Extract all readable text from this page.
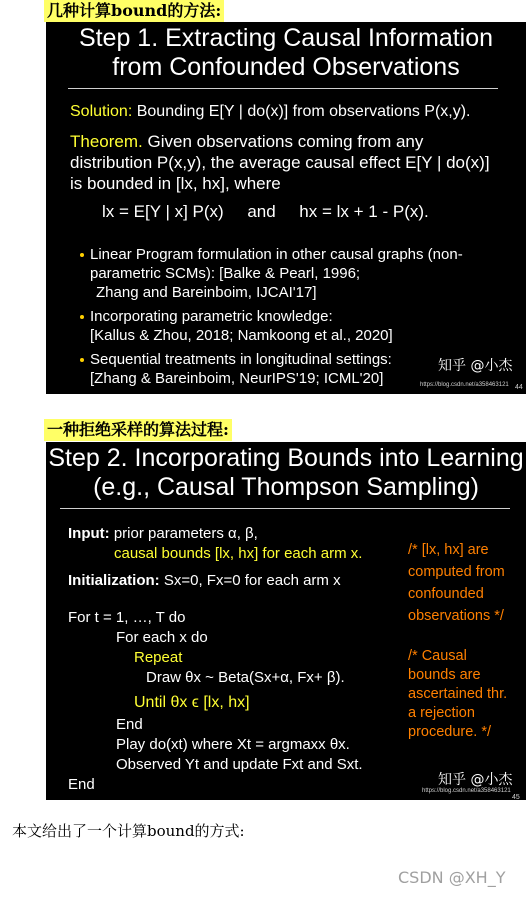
几种计算bound的方法:
Step 1. Extracting Causal Information
from Confounded Observations
Solution: Bounding E[Y | do(x)] from observations P(x,y).
Theorem. Given observations coming from any
distribution P(x,y), the average causal effect E[Y | do(x)]
is bounded in [lx, hx], where
lx = E[Y | x] P(x)     and     hx = lx + 1 - P(x).
Linear Program formulation in other causal graphs (non-
parametric SCMs): [Balke & Pearl, 1996;
Zhang and Bareinboim, IJCAI'17]
Incorporating parametric knowledge:
[Kallus & Zhou, 2018; Namkoong et al., 2020]
Sequential treatments in longitudinal settings:
[Zhang & Bareinboim, NeurIPS'19; ICML'20]
知乎 @小杰
https://blog.csdn.net/a358463121 44
一种拒绝采样的算法过程:
Step 2. Incorporating Bounds into Learning
(e.g., Causal Thompson Sampling)
Input: prior parameters α, β,
causal bounds [lx, hx] for each arm x.
Initialization: Sx=0, Fx=0 for each arm x
For t = 1, …, T do
For each x do
Repeat
Draw θx ~ Beta(Sx+α, Fx+ β).
Until θx ϵ [lx, hx]
End
Play do(xt) where Xt = argmaxx θx.
Observed Yt and update Fxt and Sxt.
End
/* [lx, hx] are
computed from
confounded
observations */
/* Causal
bounds are
ascertained thr.
a rejection
procedure. */
知乎 @小杰
https://blog.csdn.net/a358463121
45
本文给出了一个计算bound的方式:
CSDN @XH_Y
